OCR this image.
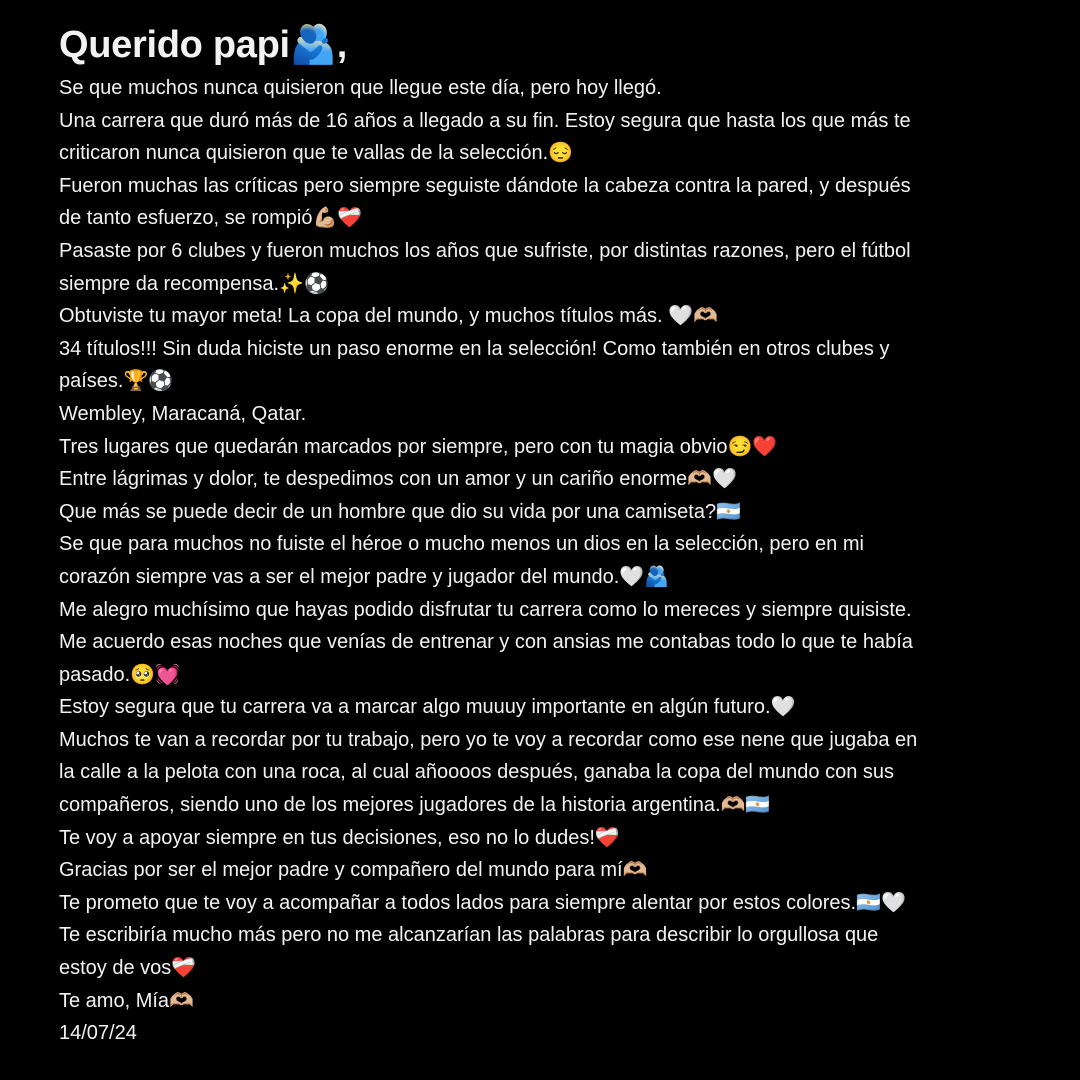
Querido papi🫂,
Se que muchos nunca quisieron que llegue este día, pero hoy llegó.
Una carrera que duró más de 16 años a llegado a su fin. Estoy segura que hasta los que más te
criticaron nunca quisieron que te vallas de la selección.😔
Fueron muchas las críticas pero siempre seguiste dándote la cabeza contra la pared, y después
de tanto esfuerzo, se rompió💪🏼❤️‍🩹
Pasaste por 6 clubes y fueron muchos los años que sufriste, por distintas razones, pero el fútbol
siempre da recompensa.✨⚽️
Obtuviste tu mayor meta! La copa del mundo, y muchos títulos más. 🤍🫶🏼
34 títulos!!! Sin duda hiciste un paso enorme en la selección! Como también en otros clubes y
países.🏆⚽️
Wembley, Maracaná, Qatar.
Tres lugares que quedarán marcados por siempre, pero con tu magia obvio😏❤️
Entre lágrimas y dolor, te despedimos con un amor y un cariño enorme🫶🏼🤍
Que más se puede decir de un hombre que dio su vida por una camiseta?🇦🇷
Se que para muchos no fuiste el héroe o mucho menos un dios en la selección, pero en mi
corazón siempre vas a ser el mejor padre y jugador del mundo.🤍🫂
Me alegro muchísimo que hayas podido disfrutar tu carrera como lo mereces y siempre quisiste.
Me acuerdo esas noches que venías de entrenar y con ansias me contabas todo lo que te había
pasado.🥺💓
Estoy segura que tu carrera va a marcar algo muuuy importante en algún futuro.🤍
Muchos te van a recordar por tu trabajo, pero yo te voy a recordar como ese nene que jugaba en
la calle a la pelota con una roca, al cual añoooos después, ganaba la copa del mundo con sus
compañeros, siendo uno de los mejores jugadores de la historia argentina.🫶🏼🇦🇷
Te voy a apoyar siempre en tus decisiones, eso no lo dudes!❤️‍🩹
Gracias por ser el mejor padre y compañero del mundo para mí🫶🏼
Te prometo que te voy a acompañar a todos lados para siempre alentar por estos colores.🇦🇷🤍
Te escribiría mucho más pero no me alcanzarían las palabras para describir lo orgullosa que
estoy de vos❤️‍🩹
Te amo, Mía🫶🏼
14/07/24
